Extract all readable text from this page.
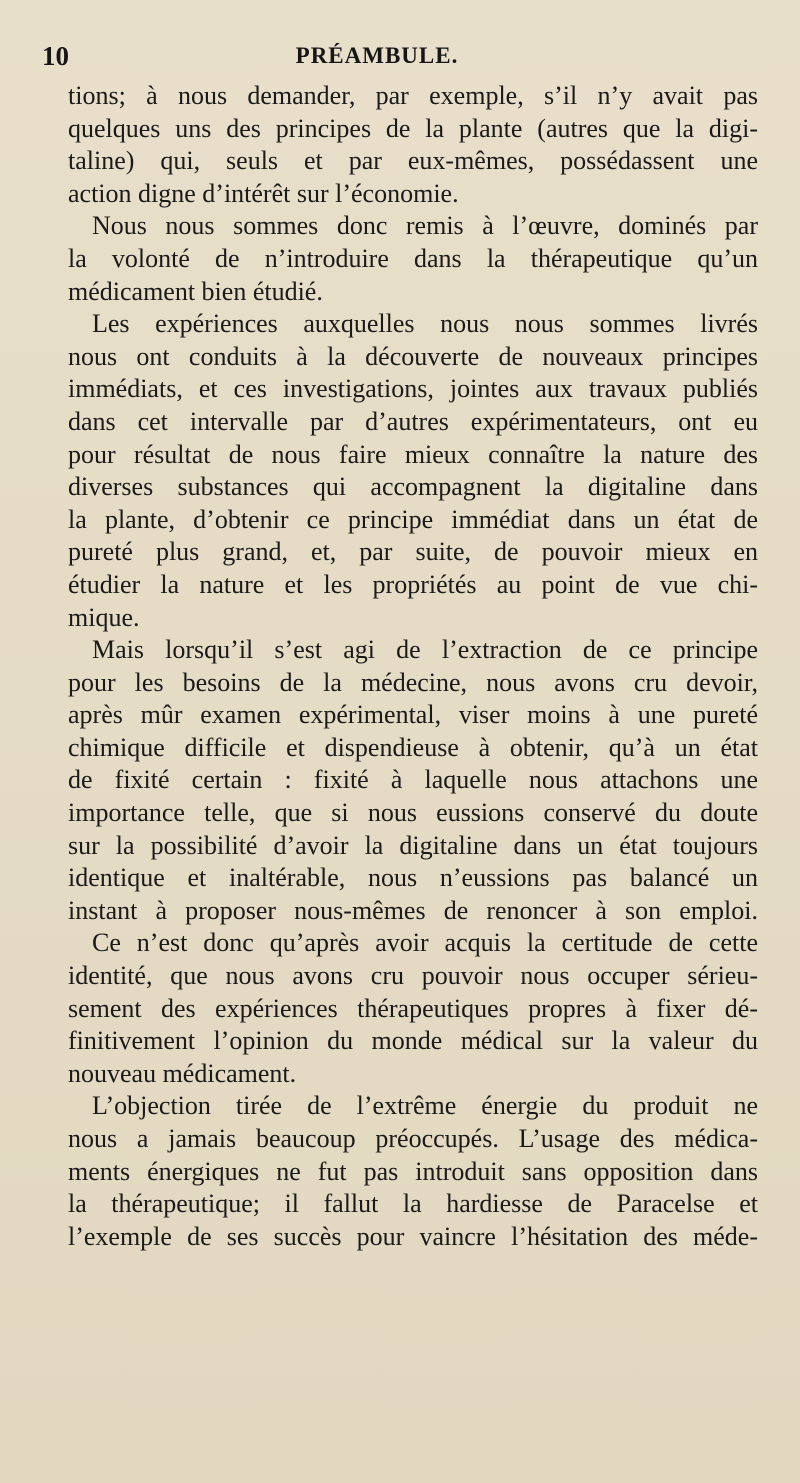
10	PRÉAMBULE.
tions; à nous demander, par exemple, s’il n’y avait pas
quelques uns des principes de la plante (autres que la digi-
taline) qui, seuls et par eux-mêmes, possédassent une
action digne d’intérêt sur l’économie.
Nous nous sommes donc remis à l’œuvre, dominés par
la volonté de n’introduire dans la thérapeutique qu’un
médicament bien étudié.
Les expériences auxquelles nous nous sommes livrés
nous ont conduits à la découverte de nouveaux principes
immédiats, et ces investigations, jointes aux travaux publiés
dans cet intervalle par d’autres expérimentateurs, ont eu
pour résultat de nous faire mieux connaître la nature des
diverses substances qui accompagnent la digitaline dans
la plante, d’obtenir ce principe immédiat dans un état de
pureté plus grand, et, par suite, de pouvoir mieux en
étudier la nature et les propriétés au point de vue chi-
mique.
Mais lorsqu’il s’est agi de l’extraction de ce principe
pour les besoins de la médecine, nous avons cru devoir,
après mûr examen expérimental, viser moins à une pureté
chimique difficile et dispendieuse à obtenir, qu’à un état
de fixité certain : fixité à laquelle nous attachons une
importance telle, que si nous eussions conservé du doute
sur la possibilité d’avoir la digitaline dans un état toujours
identique et inaltérable, nous n’eussions pas balancé un
instant à proposer nous-mêmes de renoncer à son emploi.
Ce n’est donc qu’après avoir acquis la certitude de cette
identité, que nous avons cru pouvoir nous occuper sérieu-
sement des expériences thérapeutiques propres à fixer dé-
finitivement l’opinion du monde médical sur la valeur du
nouveau médicament.
L’objection tirée de l’extrême énergie du produit ne
nous a jamais beaucoup préoccupés. L’usage des médica-
ments énergiques ne fut pas introduit sans opposition dans
la thérapeutique; il fallut la hardiesse de Paracelse et
l’exemple de ses succès pour vaincre l’hésitation des méde-
